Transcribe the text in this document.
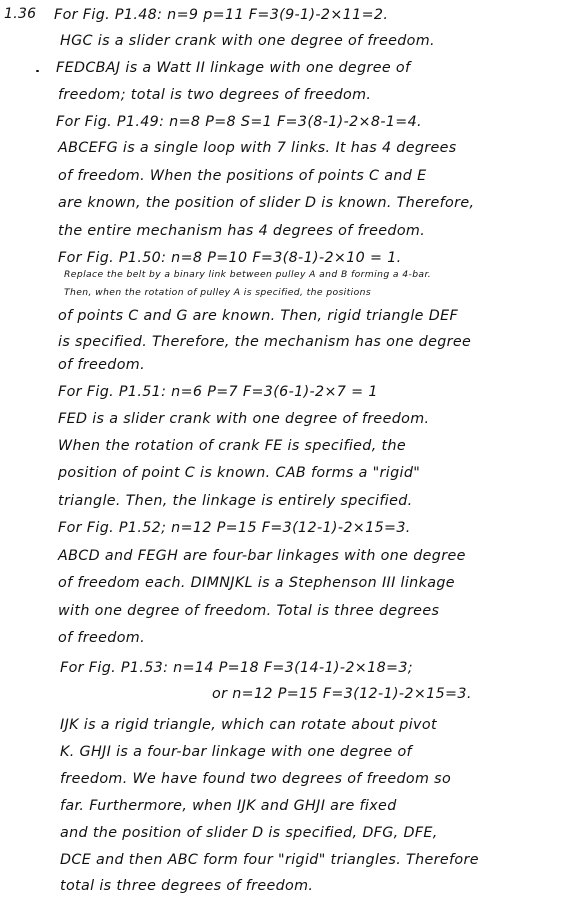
1.36 For Fig. P1.48: n=9 p=11 F=3(9-1)-2×11=2.
HGC is a slider crank with one degree of freedom.
FEDCBAJ is a Watt II linkage with one degree of
freedom; total is two degrees of freedom.
For Fig. P1.49: n=8 P=8 S=1 F=3(8-1)-2×8-1=4.
ABCEFG is a single loop with 7 links. It has 4 degrees
of freedom. When the positions of points C and E
are known, the position of slider D is known. Therefore,
the entire mechanism has 4 degrees of freedom.
For Fig. P1.50: n=8 P=10 F=3(8-1)-2×10 = 1.
Replace the belt by a binary link between pulley A and B forming a 4-bar.
Then, when the rotation of pulley A is specified, the positions
of points C and G are known. Then, rigid triangle DEF
is specified. Therefore, the mechanism has one degree
of freedom.
For Fig. P1.51: n=6 P=7 F=3(6-1)-2×7 = 1
FED is a slider crank with one degree of freedom.
When the rotation of crank FE is specified, the
position of point C is known. CAB forms a "rigid"
triangle. Then, the linkage is entirely specified.
For Fig. P1.52; n=12 P=15 F=3(12-1)-2×15=3.
ABCD and FEGH are four-bar linkages with one degree
of freedom each. DIMNJKL is a Stephenson III linkage
with one degree of freedom. Total is three degrees
of freedom.
For Fig. P1.53: n=14 P=18 F=3(14-1)-2×18=3;
or n=12 P=15 F=3(12-1)-2×15=3.
IJK is a rigid triangle, which can rotate about pivot
K. GHJI is a four-bar linkage with one degree of
freedom. We have found two degrees of freedom so
far. Furthermore, when IJK and GHJI are fixed
and the position of slider D is specified, DFG, DFE,
DCE and then ABC form four "rigid" triangles. Therefore
total is three degrees of freedom.
